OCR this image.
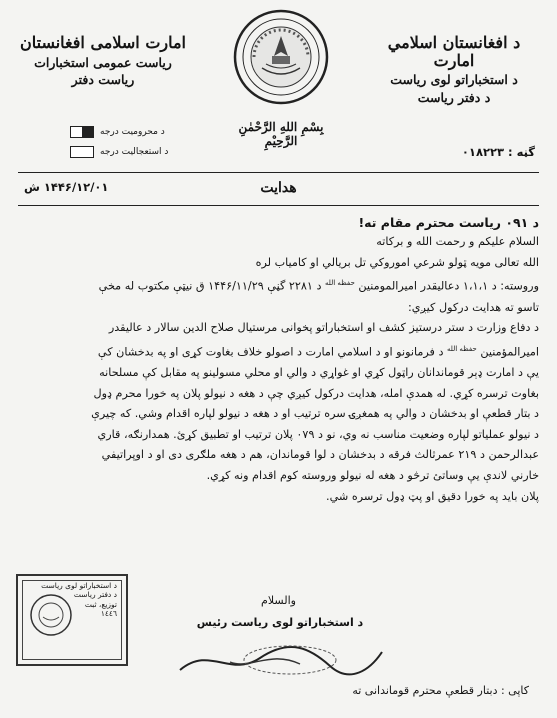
د افغانستان اسلامي امارت
د استخباراتو لوی ریاست
د دفتر ریاست
امارت اسلامی افغانستان
ریاست عمومی استخبارات
ریاست دفتر
بِسْمِ اللهِ الرَّحْمٰنِ الرَّحِيْمِ
گڼه : ۰۱۸۲۲۳
د محرومیت درجه
د استعجالیت درجه
هدایت
۱۴۴۶/۱۲/۰۱ ش
د ۰۹۱ ریاست محترم مقام ته!
السلام علیکم و رحمت الله و برکاته
الله تعالی مویه ټولو شرعي اموروکي تل بریالي او کامیاب لره
وروسته: د ۱،۱،۱ دعالیقدر امیرالمومنین $^{حفظه الله}$ د ۲۲۸۱ گڼې ۱۴۴۶/۱۱/۲۹ ق نیټې مکتوب له مخې
تاسو ته هدایت درکول کیږي:
د دفاع وزارت د ستر درستیز کشف او استخباراتو پخوانی مرستیال صلاح الدین سالار د عالیقدر
امیرالمؤمنین $^{حفظه الله}$ د فرمانونو او د اسلامي امارت د اصولو خلاف بغاوت کړی او په بدخشان کې
یې د امارت ډېر قوماندانان راټول کړي او غواړي د والي او محلي مسولینو په مقابل کې مسلحانه
بغاوت ترسره کړي. له همدې امله، هدایت درکول کیږي چې د هغه د نیولو پلان په خورا محرم ډول
د بتار قطعې او بدخشان د والي په همغږۍ سره ترتیب او د هغه د نیولو لپاره اقدام وشي. که چیرې
د نیولو عملیاتو لپاره وضعیت مناسب نه وي، نو د ۰۷۹ پلان ترتیب او تطبیق کړئ. همدارنګه، قاري
عبدالرحمن د ۲۱۹ عمرثالث فرقه د بدخشان د لوا قوماندان، هم د هغه ملګری دی او د اوپراتیفي
خارني لاندې یې وساتئ ترڅو د هغه له نیولو وروسته کوم اقدام ونه کړي.
پلان باید په خورا دقیق او پټ ډول ترسره شي.
والسلام
د استخباراتو لوی ریاست رئیس
د استخباراتو لوی ریاست
د دفتر ریاست
توزیع، ثبت
١٤٤٦
کاپی : دبتار قطعې محترم قوماندانی ته
